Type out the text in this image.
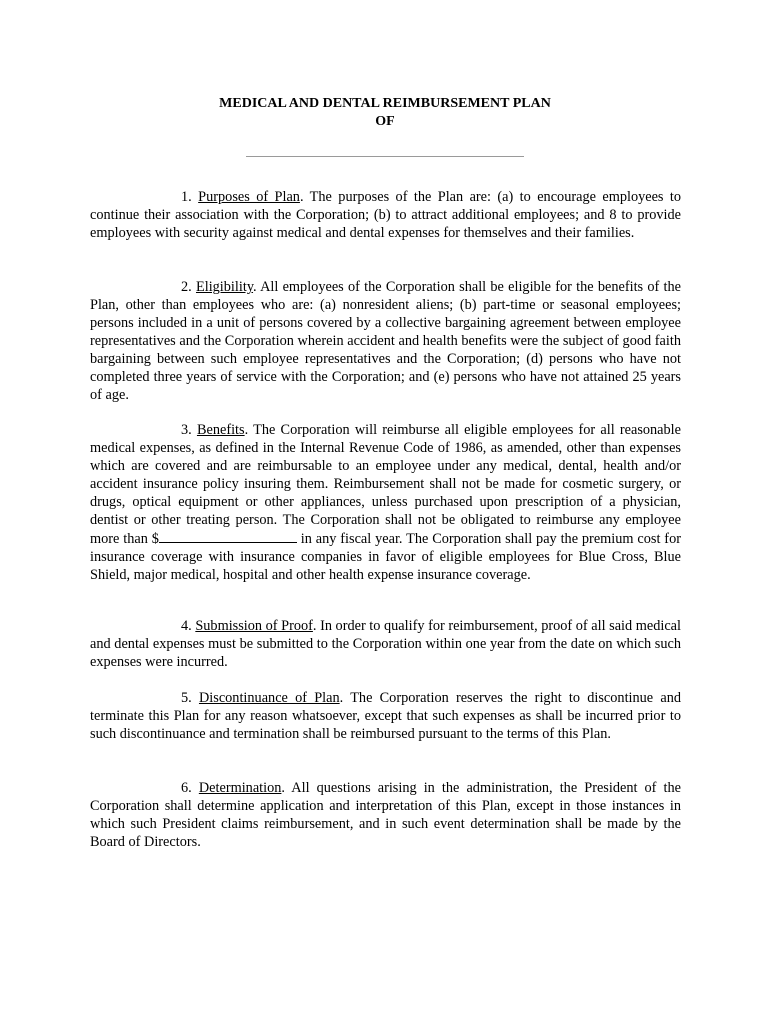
MEDICAL AND DENTAL REIMBURSEMENT PLAN
OF

1. Purposes of Plan. The purposes of the Plan are: (a) to encourage employees to continue their association with the Corporation; (b) to attract additional employees; and 8 to provide employees with security against medical and dental expenses for themselves and their families.

2. Eligibility. All employees of the Corporation shall be eligible for the benefits of the Plan, other than employees who are: (a) nonresident aliens; (b) part-time or seasonal employees; persons included in a unit of persons covered by a collective bargaining agreement between employee representatives and the Corporation wherein accident and health benefits were the subject of good faith bargaining between such employee representatives and the Corporation; (d) persons who have not completed three years of service with the Corporation; and (e) persons who have not attained 25 years of age.

3. Benefits. The Corporation will reimburse all eligible employees for all reasonable medical expenses, as defined in the Internal Revenue Code of 1986, as amended, other than expenses which are covered and are reimbursable to an employee under any medical, dental, health and/or accident insurance policy insuring them. Reimbursement shall not be made for cosmetic surgery, or drugs, optical equipment or other appliances, unless purchased upon prescription of a physician, dentist or other treating person. The Corporation shall not be obligated to reimburse any employee more than $	in any fiscal year. The Corporation shall pay the premium cost for insurance coverage with insurance companies in favor of eligible employees for Blue Cross, Blue Shield, major medical, hospital and other health expense insurance coverage.

4. Submission of Proof. In order to qualify for reimbursement, proof of all said medical and dental expenses must be submitted to the Corporation within one year from the date on which such expenses were incurred.

5. Discontinuance of Plan. The Corporation reserves the right to discontinue and terminate this Plan for any reason whatsoever, except that such expenses as shall be incurred prior to such discontinuance and termination shall be reimbursed pursuant to the terms of this Plan.

6. Determination. All questions arising in the administration, the President of the Corporation shall determine application and interpretation of this Plan, except in those instances in which such President claims reimbursement, and in such event determination shall be made by the Board of Directors.
